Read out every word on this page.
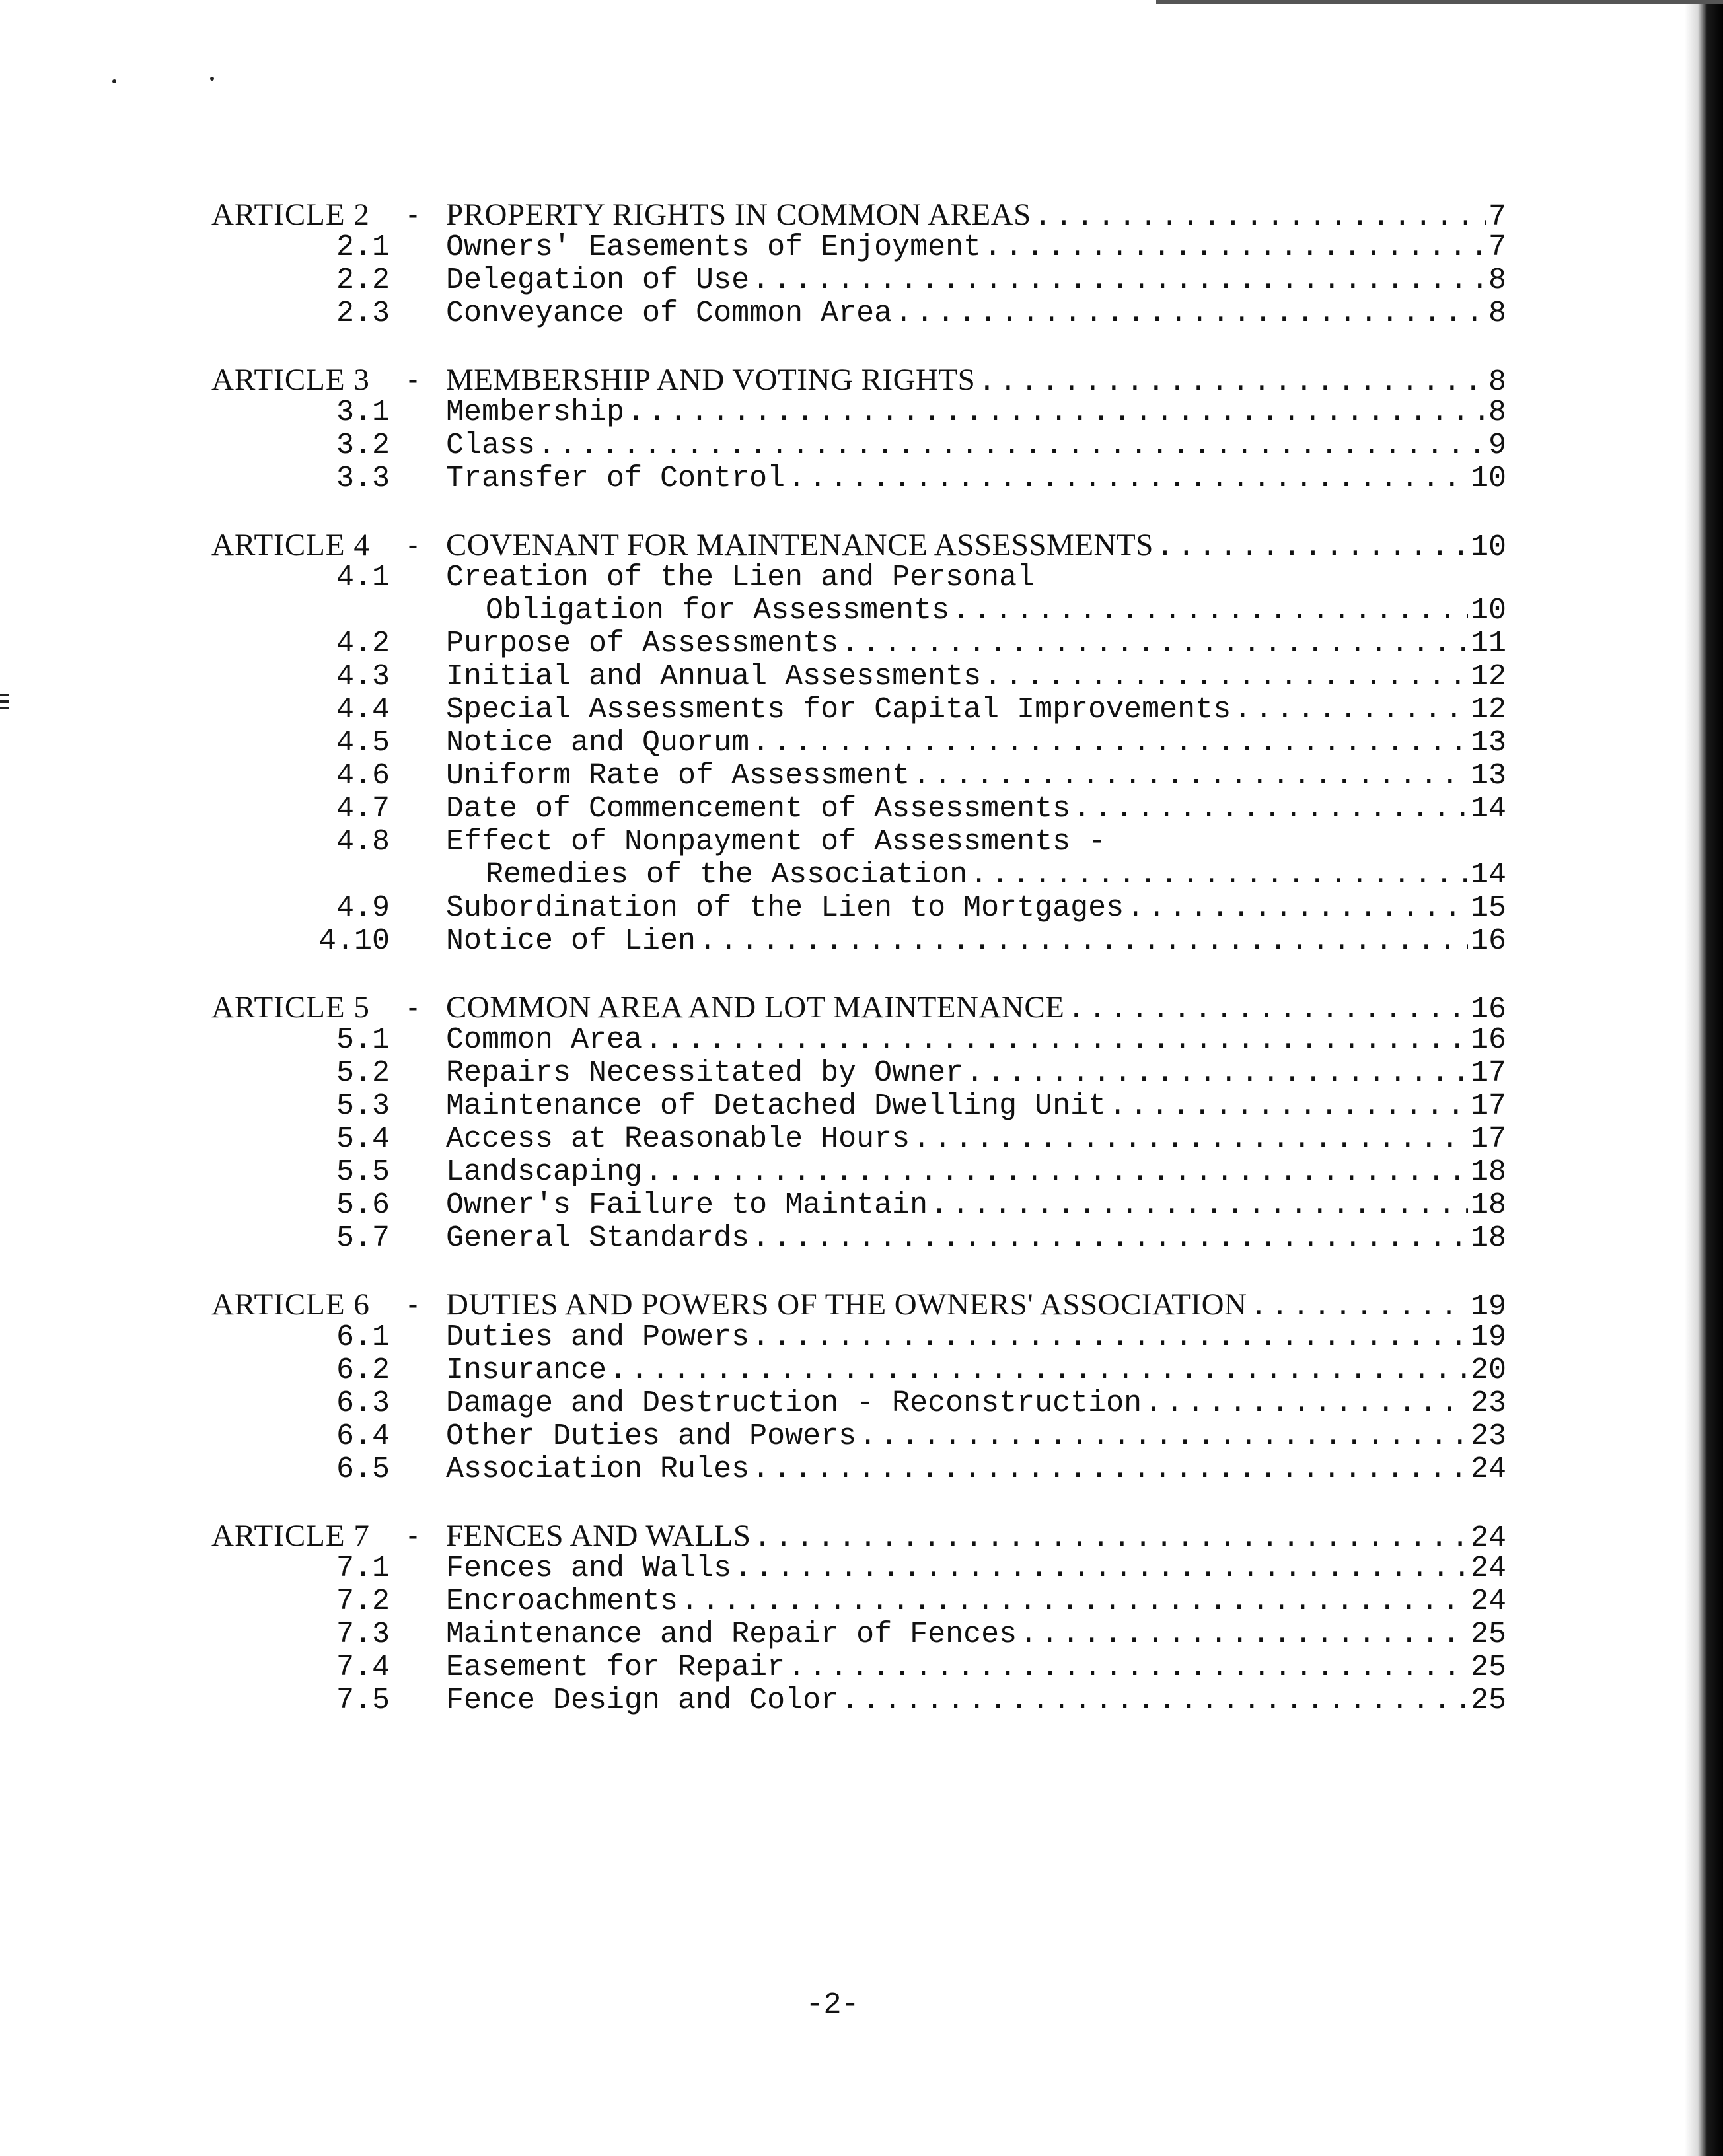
ARTICLE 2	- PROPERTY RIGHTS IN COMMON AREAS .....	7
2.1 Owners' Easements of Enjoyment .....	7
2.2 Delegation of Use .....	8
2.3 Conveyance of Common Area .....	8
ARTICLE 3	- MEMBERSHIP AND VOTING RIGHTS .....	8
3.1 Membership .....	8
3.2 Class .....	9
3.3 Transfer of Control .....	10
ARTICLE 4	- COVENANT FOR MAINTENANCE ASSESSMENTS .....	10
4.1 Creation of the Lien and Personal
Obligation for Assessments .....	10
4.2 Purpose of Assessments .....	11
4.3 Initial and Annual Assessments .....	12
4.4 Special Assessments for Capital Improvements .....	12
4.5 Notice and Quorum .....	13
4.6 Uniform Rate of Assessment .....	13
4.7 Date of Commencement of Assessments .....	14
4.8 Effect of Nonpayment of Assessments -
Remedies of the Association .....	14
4.9 Subordination of the Lien to Mortgages .....	15
4.10 Notice of Lien .....	16
ARTICLE 5	- COMMON AREA AND LOT MAINTENANCE .....	16
5.1 Common Area .....	16
5.2 Repairs Necessitated by Owner .....	17
5.3 Maintenance of Detached Dwelling Unit .....	17
5.4 Access at Reasonable Hours .....	17
5.5 Landscaping .....	18
5.6 Owner's Failure to Maintain .....	18
5.7 General Standards .....	18
ARTICLE 6	- DUTIES AND POWERS OF THE OWNERS' ASSOCIATION .....	19
6.1 Duties and Powers .....	19
6.2 Insurance .....	20
6.3 Damage and Destruction - Reconstruction .....	23
6.4 Other Duties and Powers .....	23
6.5 Association Rules .....	24
ARTICLE 7	- FENCES AND WALLS .....	24
7.1 Fences and Walls .....	24
7.2 Encroachments .....	24
7.3 Maintenance and Repair of Fences .....	25
7.4 Easement for Repair .....	25
7.5 Fence Design and Color .....	25
-2-
